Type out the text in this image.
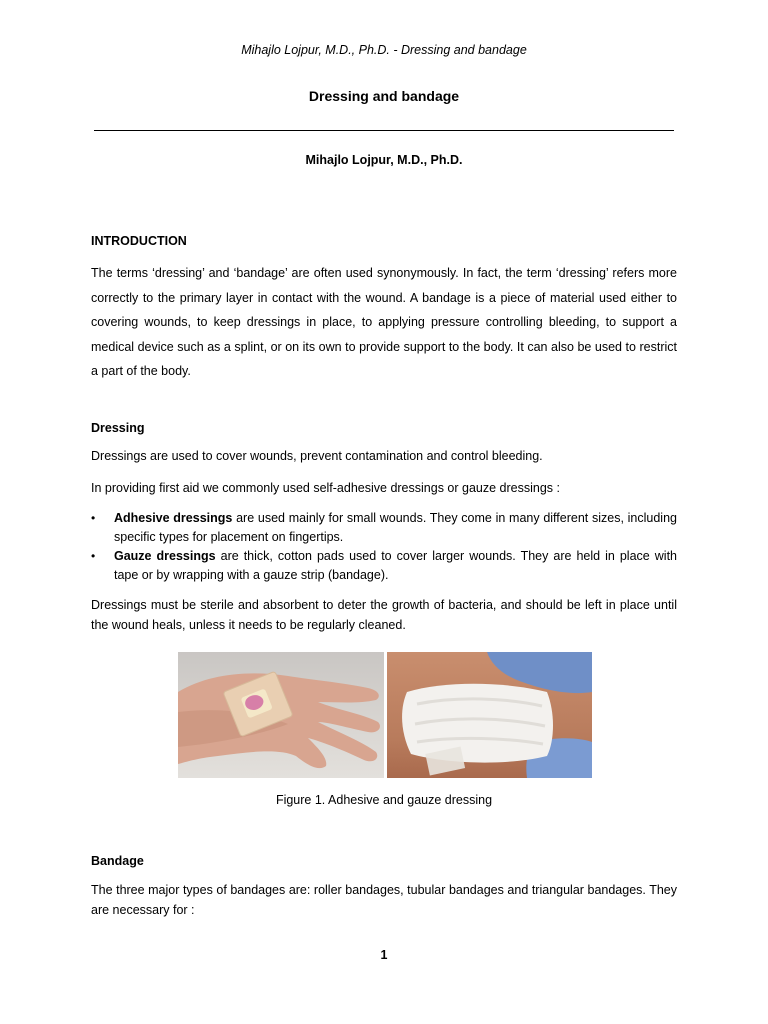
Mihajlo Lojpur, M.D., Ph.D. - Dressing and bandage
Dressing and bandage
Mihajlo Lojpur, M.D., Ph.D.
INTRODUCTION

The terms ‘dressing’ and ‘bandage’ are often used synonymously. In fact, the term ‘dressing’ refers more correctly to the primary layer in contact with the wound. A bandage is a piece of material used either to covering wounds, to keep dressings in place, to applying pressure controlling bleeding, to support a medical device such as a splint, or on its own to provide support to the body. It can also be used to restrict a part of the body.

Dressing

Dressings are used to cover wounds, prevent contamination and control bleeding.

In providing first aid we commonly used self-adhesive dressings or gauze dressings :

• Adhesive dressings are used mainly for small wounds. They come in many different sizes, including specific types for placement on fingertips.
• Gauze dressings are thick, cotton pads used to cover larger wounds. They are held in place with tape or by wrapping with a gauze strip (bandage).

Dressings must be sterile and absorbent to deter the growth of bacteria, and should be left in place until the wound heals, unless it needs to be regularly cleaned.

Figure 1. Adhesive and gauze dressing
Bandage

The three major types of bandages are: roller bandages, tubular bandages and triangular bandages. They are necessary for :

1
